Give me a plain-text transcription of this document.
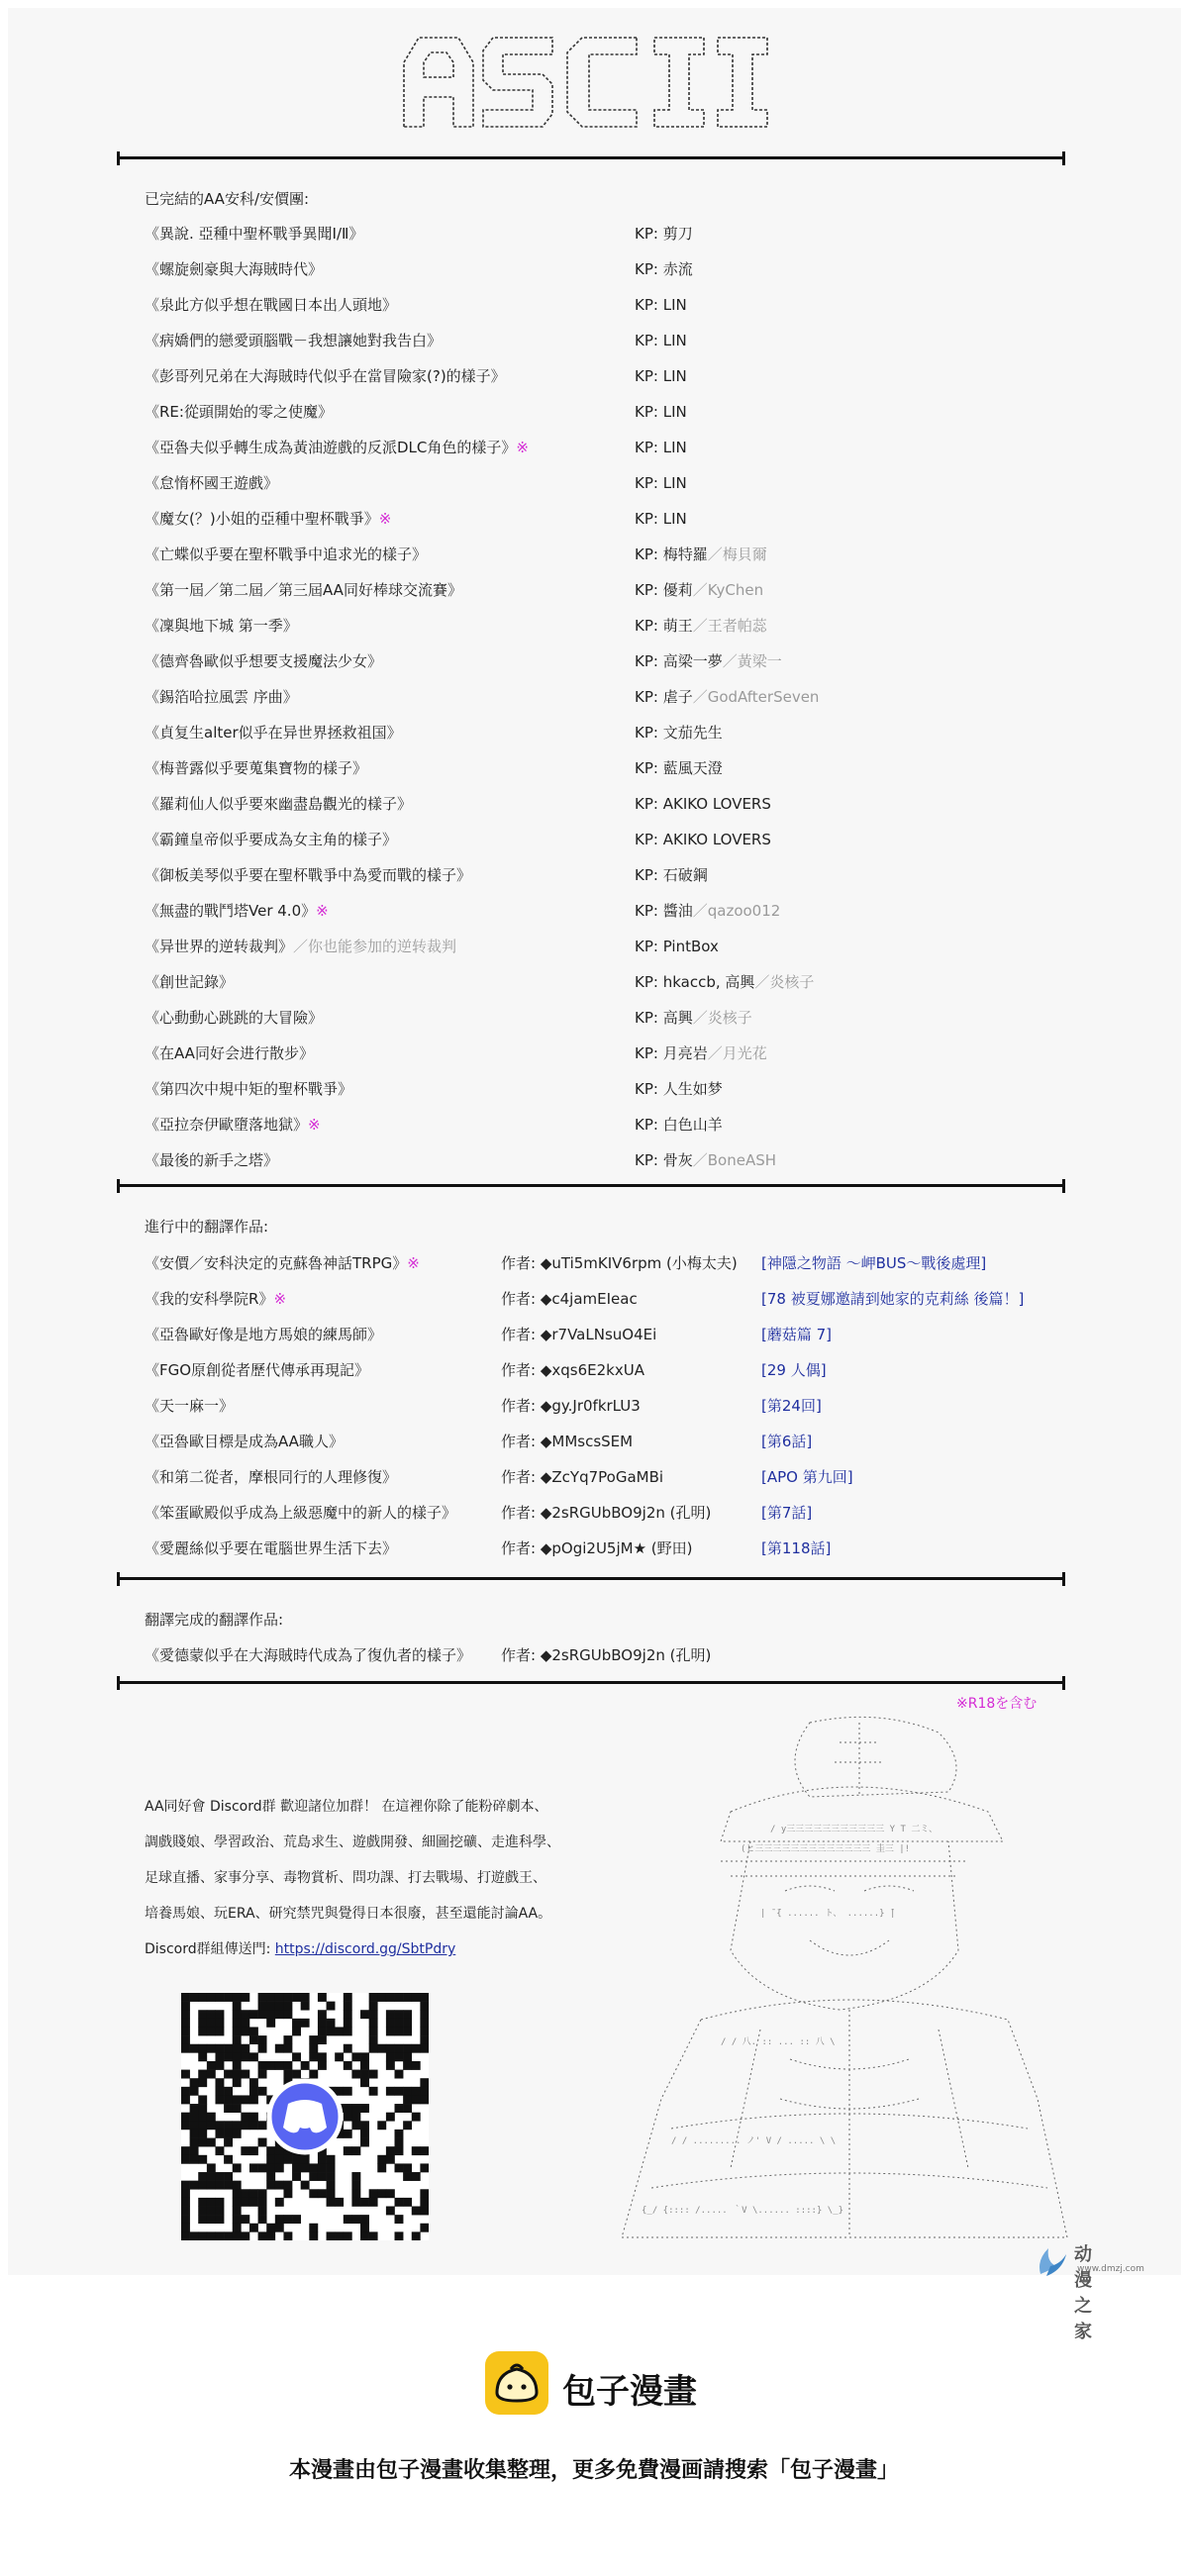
ASCII
已完結的AA安科/安價團:
《異說. 亞種中聖杯戰爭異聞Ⅰ/Ⅱ》	KP: 剪刀
《螺旋劍豪與大海賊時代》	KP: 赤流
《泉此方似乎想在戰國日本出人頭地》	KP: LIN
《病嬌們的戀愛頭腦戰－我想讓她對我告白》	KP: LIN
《彭哥列兄弟在大海賊時代似乎在當冒險家(?)的樣子》	KP: LIN
《RE:從頭開始的零之使魔》	KP: LIN
《亞魯夫似乎轉生成為黃油遊戲的反派DLC角色的樣子》※	KP: LIN
《怠惰杯國王遊戲》	KP: LIN
《魔女(？)小姐的亞種中聖杯戰爭》※	KP: LIN
《亡蝶似乎要在聖杯戰爭中追求光的樣子》	KP: 梅特羅／梅貝爾
《第一屆／第二屆／第三屆AA同好棒球交流賽》	KP: 優莉／KyChen
《凜與地下城 第一季》	KP: 萌王／王者帕蕊
《德齊魯歐似乎想要支援魔法少女》	KP: 高梁一夢／黃梁一
《錫箔哈拉風雲 序曲》	KP: 虐子／GodAfterSeven
《貞复生alter似乎在异世界拯救祖国》	KP: 文茄先生
《梅普露似乎要蒐集寶物的樣子》	KP: 藍風天澄
《羅莉仙人似乎要來幽盡島觀光的樣子》	KP: AKIKO LOVERS
《霸鐘皇帝似乎要成為女主角的樣子》	KP: AKIKO LOVERS
《御板美琴似乎要在聖杯戰爭中為愛而戰的樣子》	KP: 石破鋼
《無盡的戰鬥塔Ver 4.0》※	KP: 醬油／qazoo012
《异世界的逆转裁判》／你也能参加的逆转裁判	KP: PintBox
《創世記錄》	KP: hkaccb, 高興／炎核子
《心動動心跳跳的大冒險》	KP: 高興／炎核子
《在AA同好会进行散步》	KP: 月亮岩／月光花
《第四次中規中矩的聖杯戰爭》	KP: 人生如梦
《亞拉奈伊歐墮落地獄》※	KP: 白色山羊
《最後的新手之塔》	KP: 骨灰／BoneASH
進行中的翻譯作品:
《安價／安科決定的克蘇魯神話TRPG》※	作者: ◆uTi5mKIV6rpm (小梅太夫) [神隱之物語 ～岬BUS～戰後處理]
《我的安科學院R》※	作者: ◆c4jamEIeac	[78 被夏娜邀請到她家的克莉絲 後篇！]
《亞魯歐好像是地方馬娘的練馬師》	作者: ◆r7VaLNsuO4Ei	[蘑菇篇 7]
《FGO原創從者歷代傳承再現記》	作者: ◆xqs6E2kxUA	[29 人偶]
《天一麻一》	作者: ◆gy.Jr0fkrLU3	[第24回]
《亞魯歐目標是成為AA職人》	作者: ◆MMscsSEM	[第6話]
《和第二從者，摩根同行的人理修復》	作者: ◆ZcYq7PoGaMBi	[APO 第九回]
《笨蛋歐殿似乎成為上級惡魔中的新人的樣子》	作者: ◆2sRGUbBO9j2n (孔明)	[第7話]
《愛麗絲似乎要在電腦世界生活下去》	作者: ◆pOgi2U5jM★ (野田)	[第118話]
翻譯完成的翻譯作品:
《愛德蒙似乎在大海賊時代成為了復仇者的樣子》 作者: ◆2sRGUbBO9j2n (孔明)
※R18を含む
AA同好會 Discord群 歡迎諸位加群！ 在這裡你除了能粉碎劇本、
調戲賤娘、學習政治、荒島求生、遊戲開發、細圖挖礦、走進科學、
足球直播、家事分享、毒物賞析、問功課、打去戰場、打遊戲王、
培養馬娘、玩ERA、研究禁咒與覺得日本很廢，甚至還能討論AA。
Discord群組傳送門: https://discord.gg/SbtPdry
/ y三三三三三三三三三三三 Y T 二ミ、
(ヒ三三三三三三三三三三三三三 圭三 |!
| ̄ ̄{ ...... ト、 ......} ̄|
/ / 八. :: ... :: 八 \
/ / ......... ノ' V / ..... \ \
{_/ {:::: /..... ｀V \...... ::::} \_}
动漫之家
www.dmzj.com
包子漫畫
本漫畫由包子漫畫收集整理，更多免費漫画請搜索「包子漫畫」
